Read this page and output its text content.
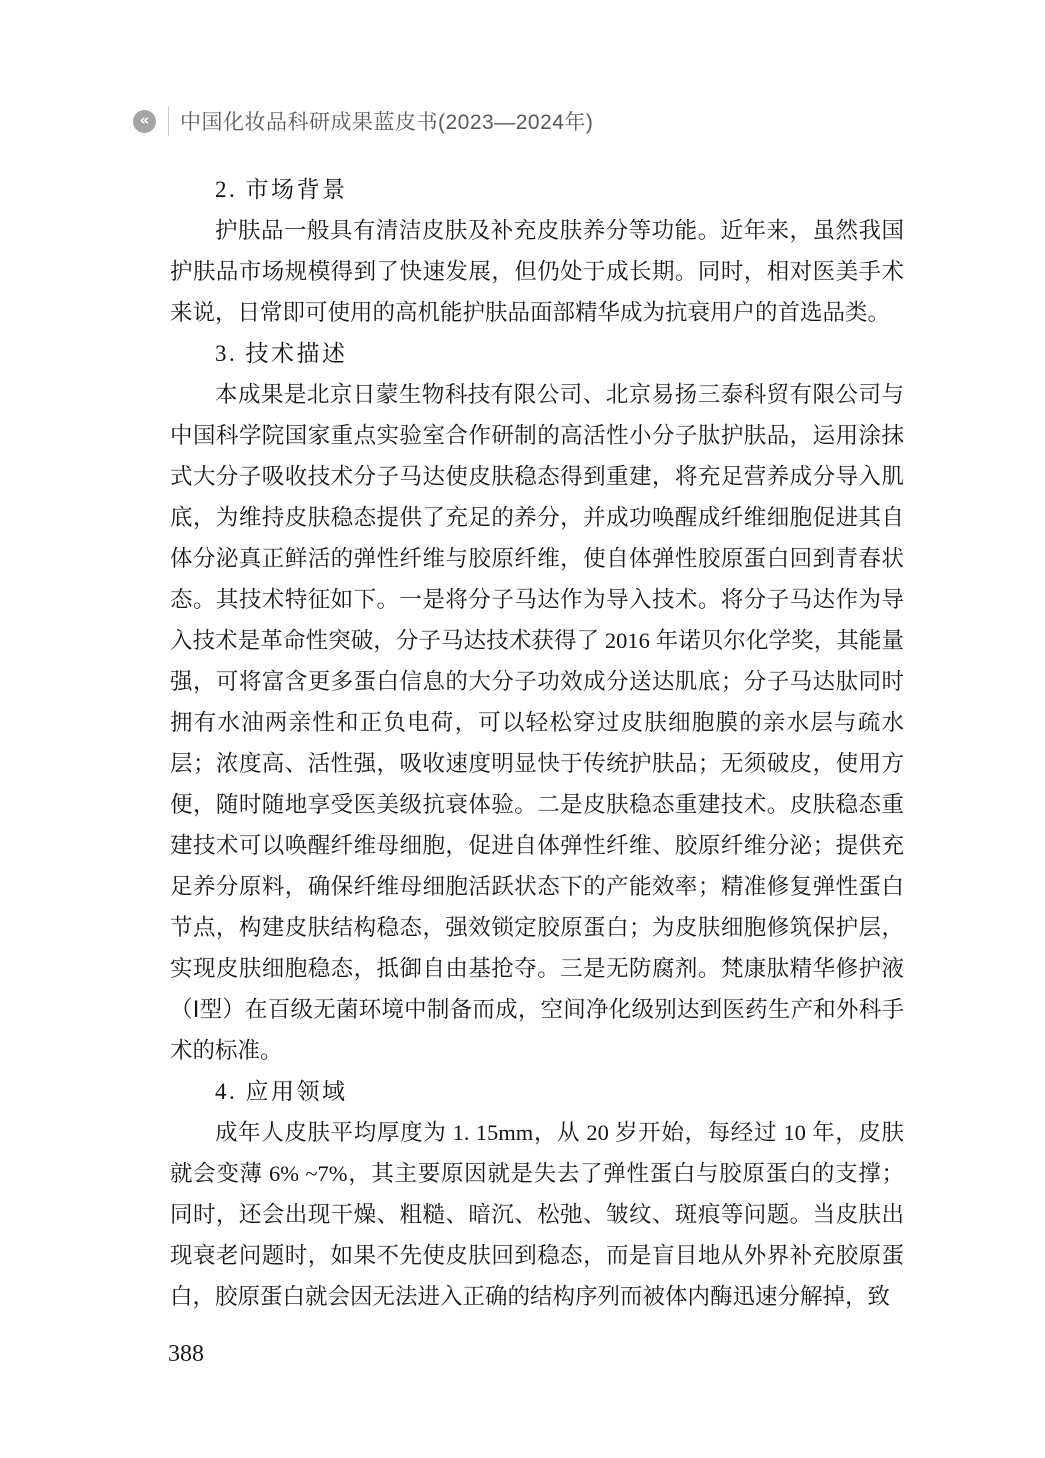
« 中国化妆品科研成果蓝皮书(2023—2024年)
2. 市场背景

护肤品一般具有清洁皮肤及补充皮肤养分等功能。近年来，虽然我国护肤品市场规模得到了快速发展，但仍处于成长期。同时，相对医美手术来说，日常即可使用的高机能护肤品面部精华成为抗衰用户的首选品类。

3. 技术描述

本成果是北京日蒙生物科技有限公司、北京易扬三泰科贸有限公司与中国科学院国家重点实验室合作研制的高活性小分子肽护肤品，运用涂抹式大分子吸收技术分子马达使皮肤稳态得到重建，将充足营养成分导入肌底，为维持皮肤稳态提供了充足的养分，并成功唤醒成纤维细胞促进其自体分泌真正鲜活的弹性纤维与胶原纤维，使自体弹性胶原蛋白回到青春状态。其技术特征如下。一是将分子马达作为导入技术。将分子马达作为导入技术是革命性突破，分子马达技术获得了 2016 年诺贝尔化学奖，其能量强，可将富含更多蛋白信息的大分子功效成分送达肌底；分子马达肽同时拥有水油两亲性和正负电荷，可以轻松穿过皮肤细胞膜的亲水层与疏水层；浓度高、活性强，吸收速度明显快于传统护肤品；无须破皮，使用方便，随时随地享受医美级抗衰体验。二是皮肤稳态重建技术。皮肤稳态重建技术可以唤醒纤维母细胞，促进自体弹性纤维、胶原纤维分泌；提供充足养分原料，确保纤维母细胞活跃状态下的产能效率；精准修复弹性蛋白节点，构建皮肤结构稳态，强效锁定胶原蛋白；为皮肤细胞修筑保护层，实现皮肤细胞稳态，抵御自由基抢夺。三是无防腐剂。梵康肽精华修护液（Ⅰ型）在百级无菌环境中制备而成，空间净化级别达到医药生产和外科手术的标准。

4. 应用领域

成年人皮肤平均厚度为 1. 15mm，从 20 岁开始，每经过 10 年，皮肤就会变薄 6% ~7%，其主要原因就是失去了弹性蛋白与胶原蛋白的支撑；同时，还会出现干燥、粗糙、暗沉、松弛、皱纹、斑痕等问题。当皮肤出现衰老问题时，如果不先使皮肤回到稳态，而是盲目地从外界补充胶原蛋白，胶原蛋白就会因无法进入正确的结构序列而被体内酶迅速分解掉，致

388
